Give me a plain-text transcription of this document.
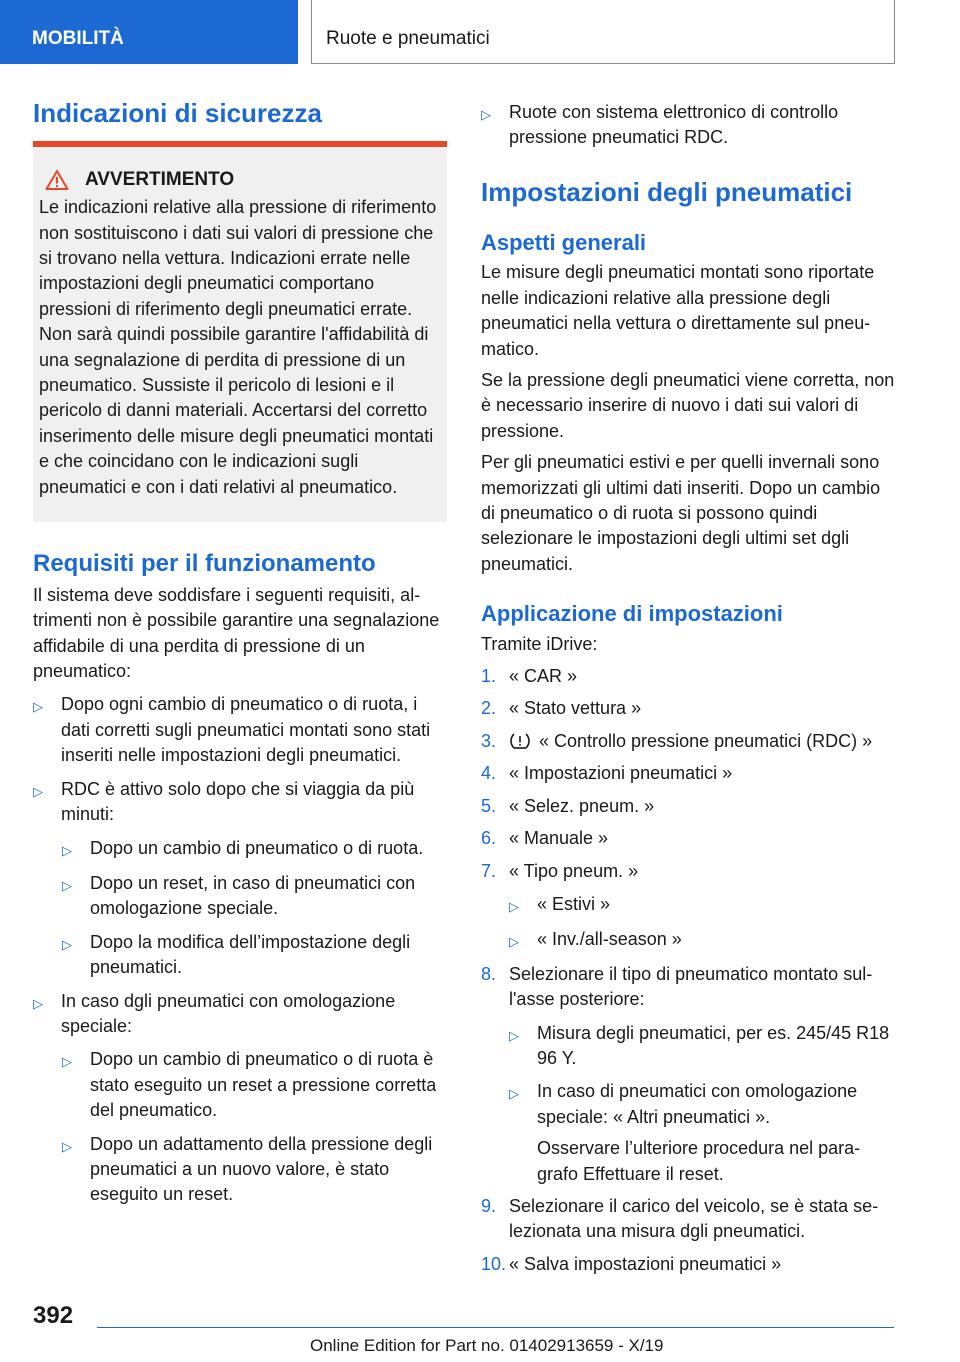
MOBILITÀ	Ruote e pneumatici
Indicazioni di sicurezza
AVVERTIMENTO

Le indicazioni relative alla pressione di riferimento non sostituiscono i dati sui valori di pressione che si trovano nella vettura. Indicazioni errate nelle impostazioni degli pneumatici comportano pressioni di riferimento degli pneumatici errate. Non sarà quindi possibile garantire l'affidabilità di una segnalazione di perdita di pressione di un pneumatico. Sussiste il pericolo di lesioni e il pericolo di danni materiali. Accertarsi del corretto inserimento delle misure degli pneumatici montati e che coincidano con le indicazioni sugli pneumatici e con i dati relativi al pneumatico.

Requisiti per il funzionamento

Il sistema deve soddisfare i seguenti requisiti, altrimenti non è possibile garantire una segnalazione affidabile di una perdita di pressione di un pneumatico:

▷	Dopo ogni cambio di pneumatico o di ruota, i dati corretti sugli pneumatici montati sono stati inseriti nelle impostazioni degli pneumatici.
▷	RDC è attivo solo dopo che si viaggia da più minuti:
▷	Dopo un cambio di pneumatico o di ruota.
▷	Dopo un reset, in caso di pneumatici con omologazione speciale.
▷	Dopo la modifica dell’impostazione degli pneumatici.
▷	In caso dgli pneumatici con omologazione speciale:
▷	Dopo un cambio di pneumatico o di ruota è stato eseguito un reset a pressione corretta del pneumatico.
▷	Dopo un adattamento della pressione degli pneumatici a un nuovo valore, è stato eseguito un reset.
▷	Ruote con sistema elettronico di controllo pressione pneumatici RDC.
Impostazioni degli pneumatici
Aspetti generali

Le misure degli pneumatici montati sono riportate nelle indicazioni relative alla pressione degli pneumatici nella vettura o direttamente sul pneumatico.

Se la pressione degli pneumatici viene corretta, non è necessario inserire di nuovo i dati sui valori di pressione.

Per gli pneumatici estivi e per quelli invernali sono memorizzati gli ultimi dati inseriti. Dopo un cambio di pneumatico o di ruota si possono quindi selezionare le impostazioni degli ultimi set dgli pneumatici.

Applicazione di impostazioni

Tramite iDrive:

1. « CAR »
2. « Stato vettura »
3.	« Controllo pressione pneumatici (RDC) »
4. « Impostazioni pneumatici »
5. « Selez. pneum. »
6. « Manuale »
7. « Tipo pneum. »
▷	« Estivi »
▷	« Inv./all-season »
8. Selezionare il tipo di pneumatico montato sull'asse posteriore:
▷	Misura degli pneumatici, per es. 245/45 R18 96 Y.
▷	In caso di pneumatici con omologazione speciale: « Altri pneumatici ».

Osservare l’ulteriore procedura nel paragrafo Effettuare il reset.

9. Selezionare il carico del veicolo, se è stata selezionata una misura dgli pneumatici.
10. « Salva impostazioni pneumatici »
392
Online Edition for Part no. 01402913659 - X/19
